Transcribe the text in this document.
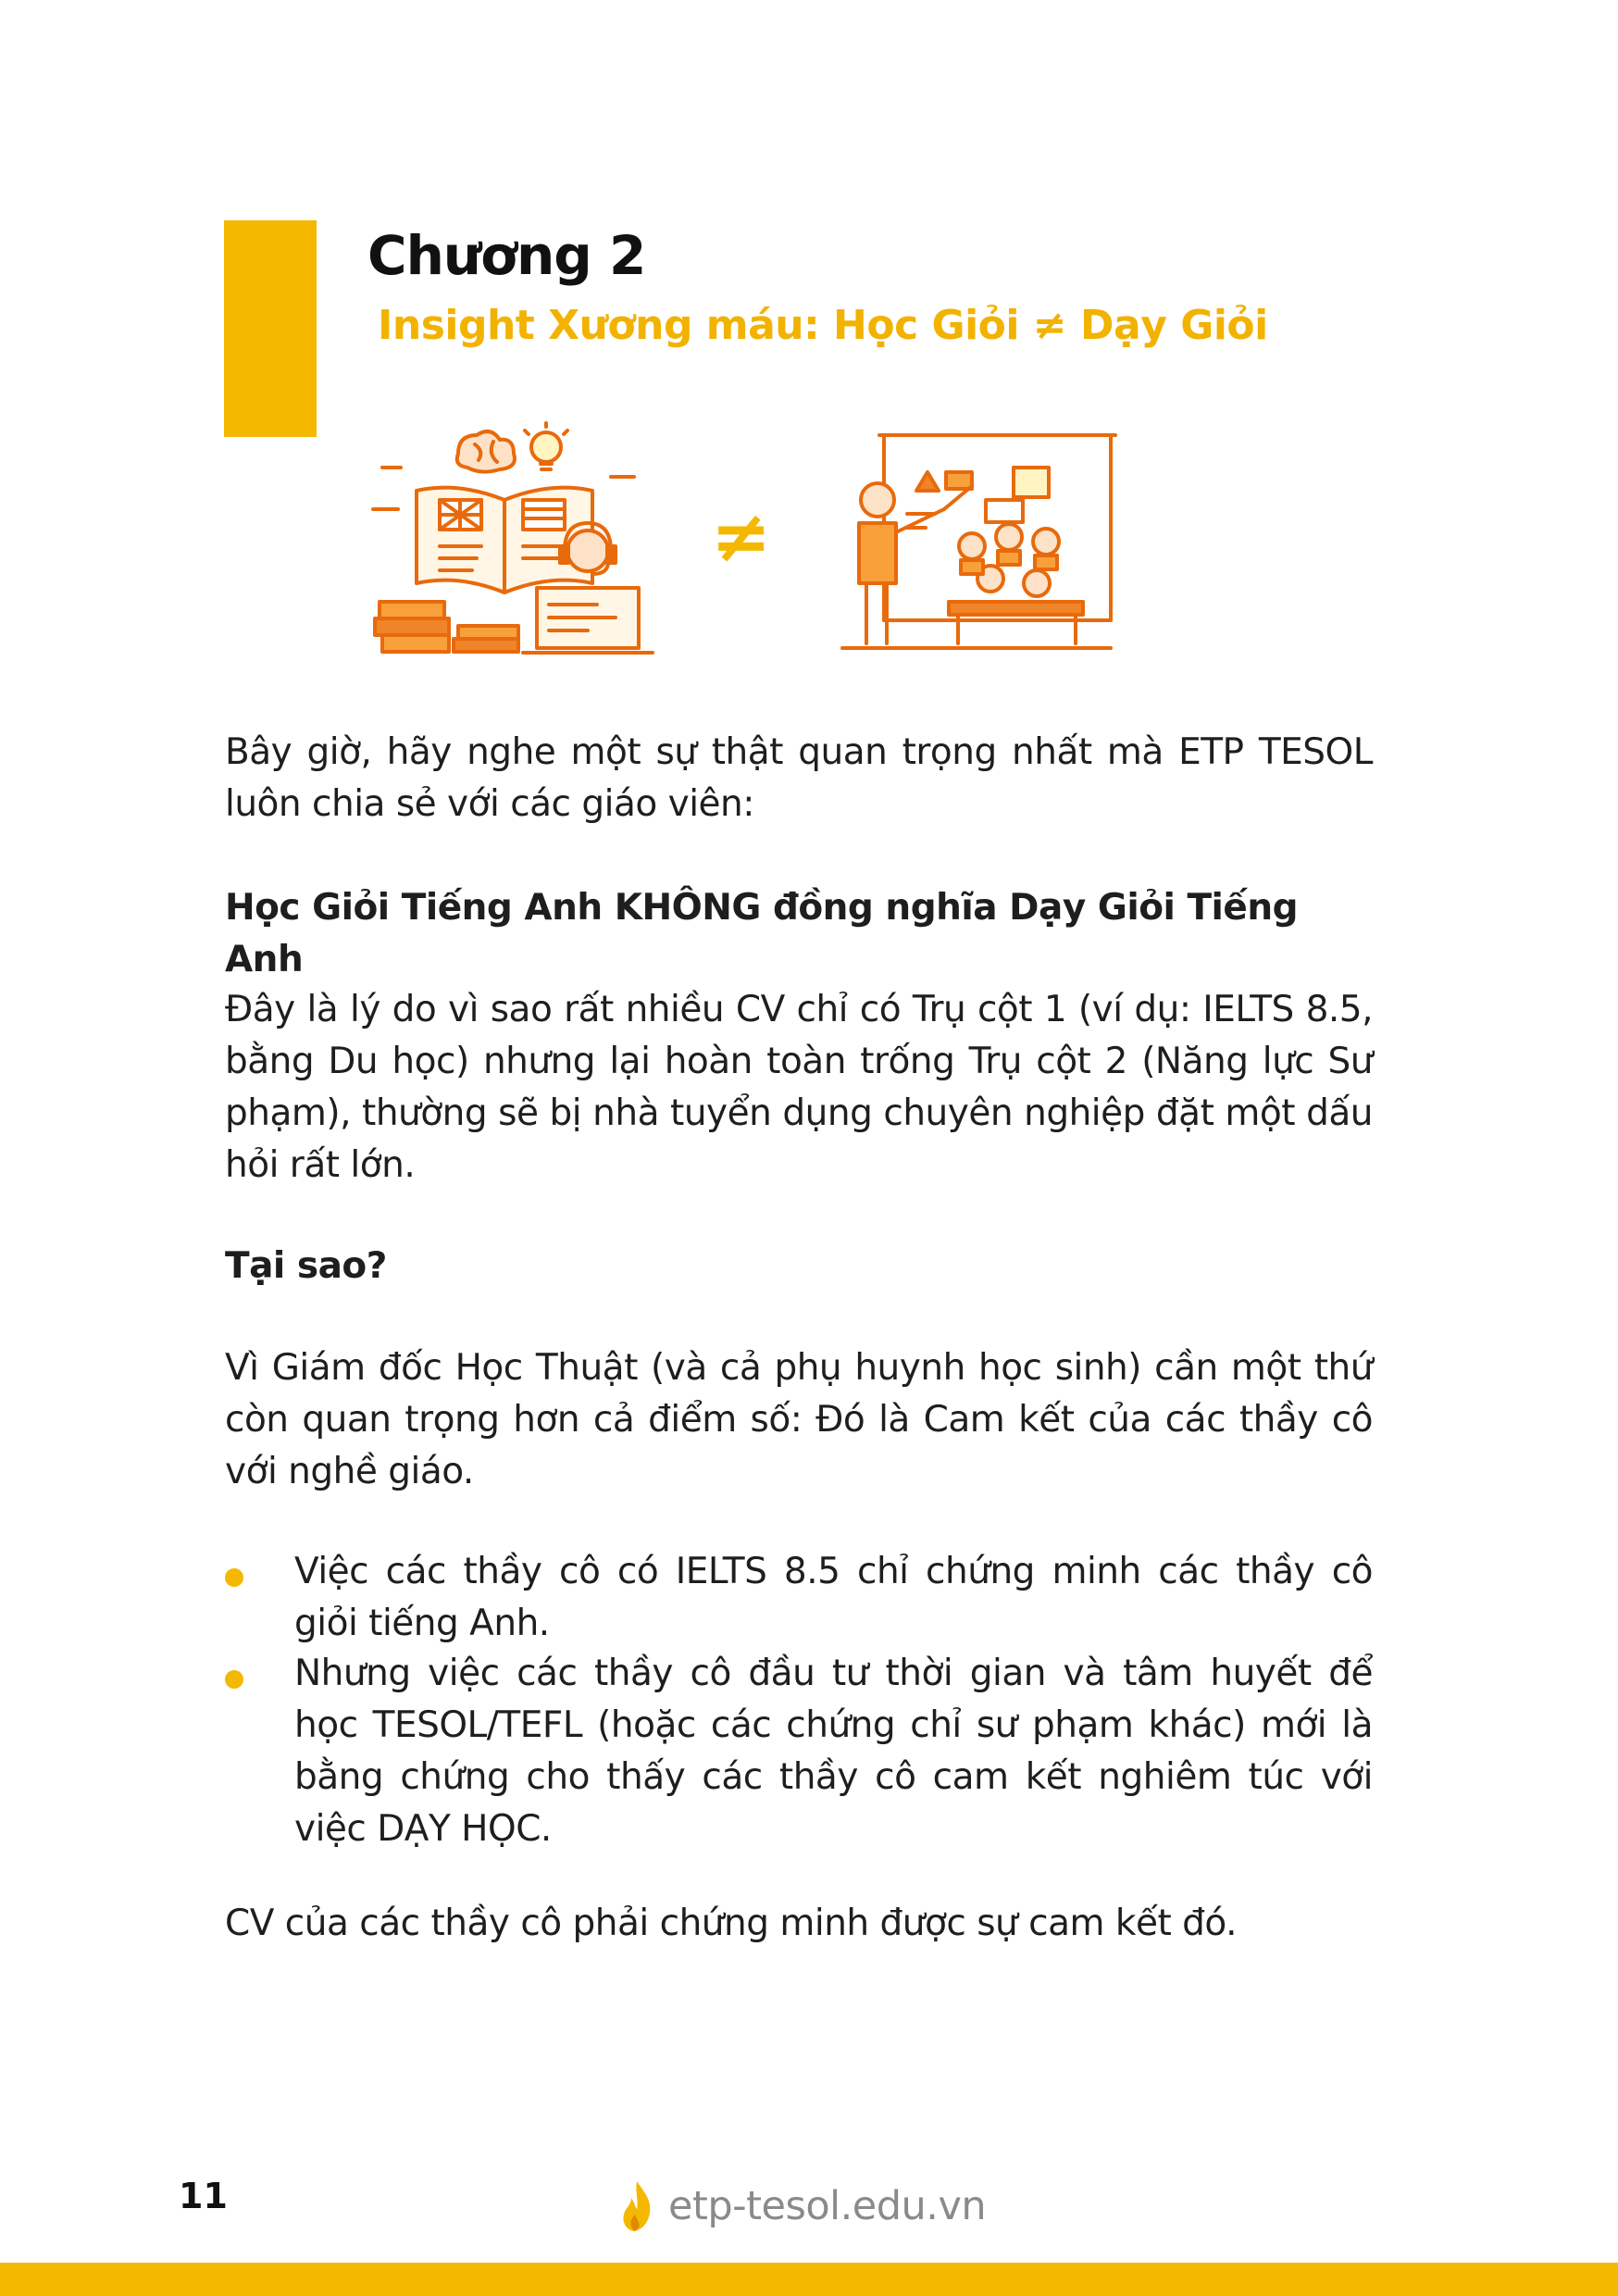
Chương 2
Insight Xương máu: Học Giỏi ≠ Dạy Giỏi
≠

Bây giờ, hãy nghe một sự thật quan trọng nhất mà ETP TESOL luôn chia sẻ với các giáo viên:

Học Giỏi Tiếng Anh KHÔNG đồng nghĩa Dạy Giỏi Tiếng Anh

Đây là lý do vì sao rất nhiều CV chỉ có Trụ cột 1 (ví dụ: IELTS 8.5, bằng Du học) nhưng lại hoàn toàn trống Trụ cột 2 (Năng lực Sư phạm), thường sẽ bị nhà tuyển dụng chuyên nghiệp đặt một dấu hỏi rất lớn.

Tại sao?

Vì Giám đốc Học Thuật (và cả phụ huynh học sinh) cần một thứ còn quan trọng hơn cả điểm số: Đó là Cam kết của các thầy cô với nghề giáo.

Việc các thầy cô có IELTS 8.5 chỉ chứng minh các thầy cô giỏi tiếng Anh.

Nhưng việc các thầy cô đầu tư thời gian và tâm huyết để học TESOL/TEFL (hoặc các chứng chỉ sư phạm khác) mới là bằng chứng cho thấy các thầy cô cam kết nghiêm túc với việc DẠY HỌC.

CV của các thầy cô phải chứng minh được sự cam kết đó.

11	etp-tesol.edu.vn
